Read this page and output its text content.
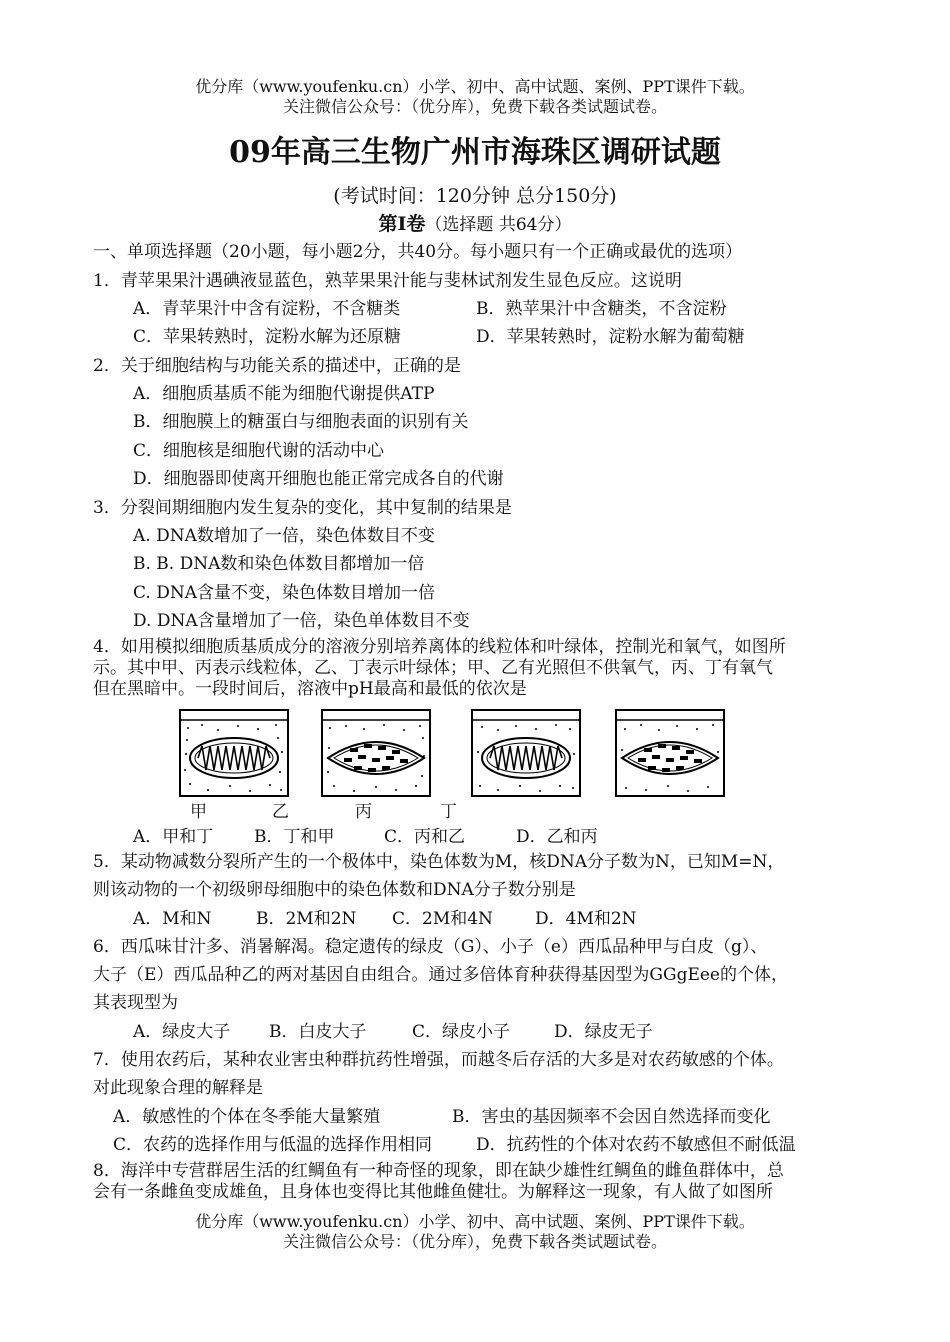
优分库（www.youfenku.cn）小学、初中、高中试题、案例、PPT课件下载。
关注微信公众号：（优分库），免费下载各类试题试卷。
09年高三生物广州市海珠区调研试题
(考试时间：120分钟 总分150分)
第I卷（选择题 共64分）
一、单项选择题（20小题，每小题2分，共40分。每小题只有一个正确或最优的选项）
1．青苹果果汁遇碘液显蓝色，熟苹果果汁能与斐林试剂发生显色反应。这说明
A．青苹果汁中含有淀粉，不含糖类	B．熟苹果汁中含糖类，不含淀粉
C．苹果转熟时，淀粉水解为还原糖	D．苹果转熟时，淀粉水解为葡萄糖
2．关于细胞结构与功能关系的描述中，正确的是
A．细胞质基质不能为细胞代谢提供ATP
B．细胞膜上的糖蛋白与细胞表面的识别有关
C．细胞核是细胞代谢的活动中心
D．细胞器即使离开细胞也能正常完成各自的代谢
3．分裂间期细胞内发生复杂的变化，其中复制的结果是
A. DNA数增加了一倍，染色体数目不变
B. B. DNA数和染色体数目都增加一倍
C. DNA含量不变，染色体数目增加一倍
D. DNA含量增加了一倍，染色单体数目不变
4．如用模拟细胞质基质成分的溶液分别培养离体的线粒体和叶绿体，控制光和氧气，如图所
示。其中甲、丙表示线粒体，乙、丁表示叶绿体；甲、乙有光照但不供氧气，丙、丁有氧气
但在黑暗中。一段时间后，溶液中pH最高和最低的依次是
甲	乙	丙	丁
A．甲和丁 B．丁和甲	C．丙和乙	D．乙和丙
5．某动物减数分裂所产生的一个极体中，染色体数为M，核DNA分子数为N，已知M=N，
则该动物的一个初级卵母细胞中的染色体数和DNA分子数分别是
A．M和N	B．2M和2N C．2M和4N D．4M和2N
6．西瓜味甘汁多、消暑解渴。稳定遗传的绿皮（G）、小子（e）西瓜品种甲与白皮（g）、
大子（E）西瓜品种乙的两对基因自由组合。通过多倍体育种获得基因型为GGgEee的个体，
其表现型为
A．绿皮大子 B．白皮大子	C．绿皮小子	D．绿皮无子
7．使用农药后，某种农业害虫种群抗药性增强，而越冬后存活的大多是对农药敏感的个体。
对此现象合理的解释是
A．敏感性的个体在冬季能大量繁殖	B．害虫的基因频率不会因自然选择而变化
C．农药的选择作用与低温的选择作用相同	D．抗药性的个体对农药不敏感但不耐低温
8．海洋中专营群居生活的红鲷鱼有一种奇怪的现象，即在缺少雄性红鲷鱼的雌鱼群体中，总
会有一条雌鱼变成雄鱼，且身体也变得比其他雌鱼健壮。为解释这一现象，有人做了如图所
优分库（www.youfenku.cn）小学、初中、高中试题、案例、PPT课件下载。
关注微信公众号：（优分库），免费下载各类试题试卷。
